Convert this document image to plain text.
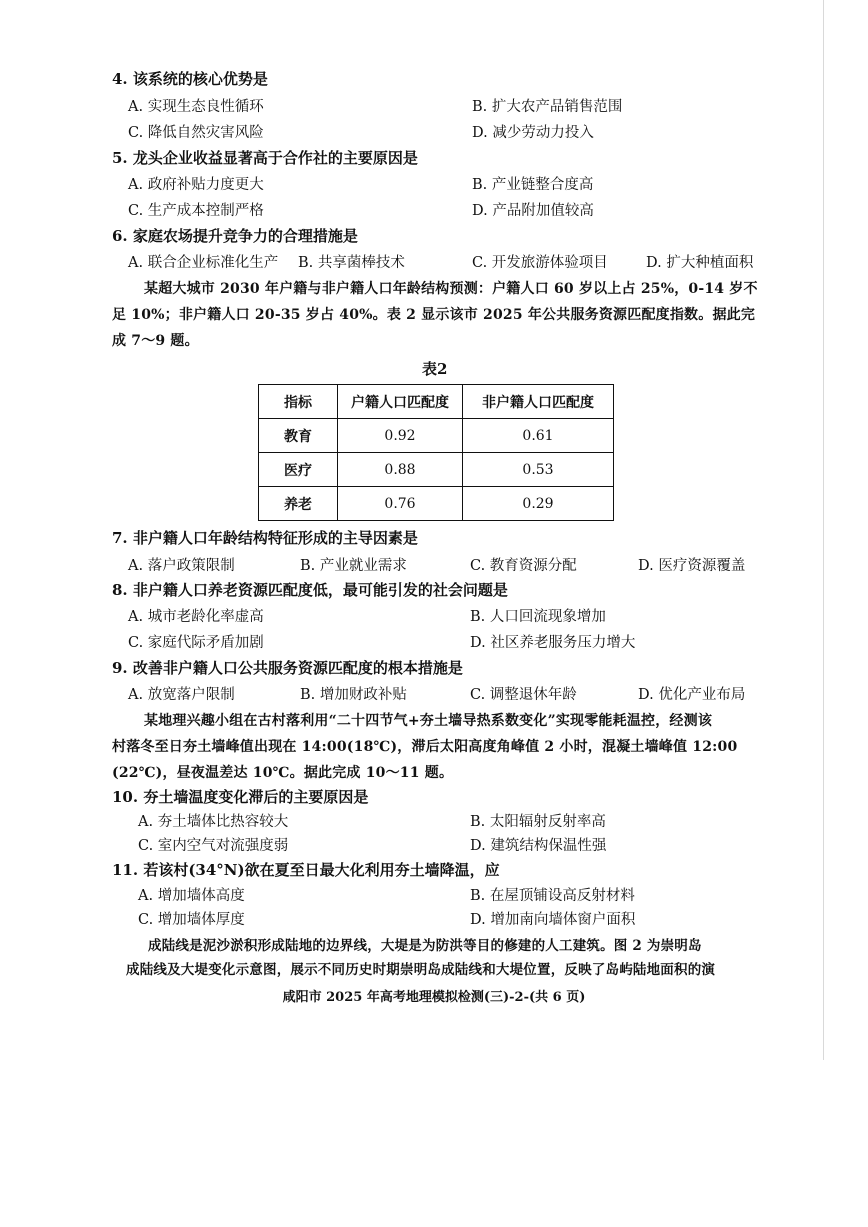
4. 该系统的核心优势是
A. 实现生态良性循环	B. 扩大农产品销售范围
C. 降低自然灾害风险	D. 减少劳动力投入
5. 龙头企业收益显著高于合作社的主要原因是
A. 政府补贴力度更大	B. 产业链整合度高
C. 生产成本控制严格	D. 产品附加值较高
6. 家庭农场提升竞争力的合理措施是
A. 联合企业标准化生产 B. 共享菌棒技术	C. 开发旅游体验项目	D. 扩大种植面积
某超大城市 2030 年户籍与非户籍人口年龄结构预测：户籍人口 60 岁以上占 25%，0-14 岁不
足 10%；非户籍人口 20-35 岁占 40%。表 2 显示该市 2025 年公共服务资源匹配度指数。据此完
成 7～9 题。
表2
指标	户籍人口匹配度	非户籍人口匹配度
教育	0.92	0.61
医疗	0.88	0.53
养老	0.76	0.29
7. 非户籍人口年龄结构特征形成的主导因素是
A. 落户政策限制	B. 产业就业需求	C. 教育资源分配	D. 医疗资源覆盖
8. 非户籍人口养老资源匹配度低，最可能引发的社会问题是
A. 城市老龄化率虚高	B. 人口回流现象增加
C. 家庭代际矛盾加剧	D. 社区养老服务压力增大
9. 改善非户籍人口公共服务资源匹配度的根本措施是
A. 放宽落户限制	B. 增加财政补贴	C. 调整退休年龄	D. 优化产业布局
某地理兴趣小组在古村落利用“二十四节气+夯土墙导热系数变化”实现零能耗温控，经测该
村落冬至日夯土墙峰值出现在 14:00(18℃)，滞后太阳高度角峰值 2 小时，混凝土墙峰值 12:00
(22℃)，昼夜温差达 10℃。据此完成 10～11 题。
10. 夯土墙温度变化滞后的主要原因是
A. 夯土墙体比热容较大	B. 太阳辐射反射率高
C. 室内空气对流强度弱	D. 建筑结构保温性强
11. 若该村(34°N)欲在夏至日最大化利用夯土墙降温，应
A. 增加墙体高度	B. 在屋顶铺设高反射材料
C. 增加墙体厚度	D. 增加南向墙体窗户面积
成陆线是泥沙淤积形成陆地的边界线，大堤是为防洪等目的修建的人工建筑。图 2 为崇明岛
成陆线及大堤变化示意图，展示不同历史时期崇明岛成陆线和大堤位置，反映了岛屿陆地面积的演
咸阳市 2025 年高考地理模拟检测(三)-2-(共 6 页)
